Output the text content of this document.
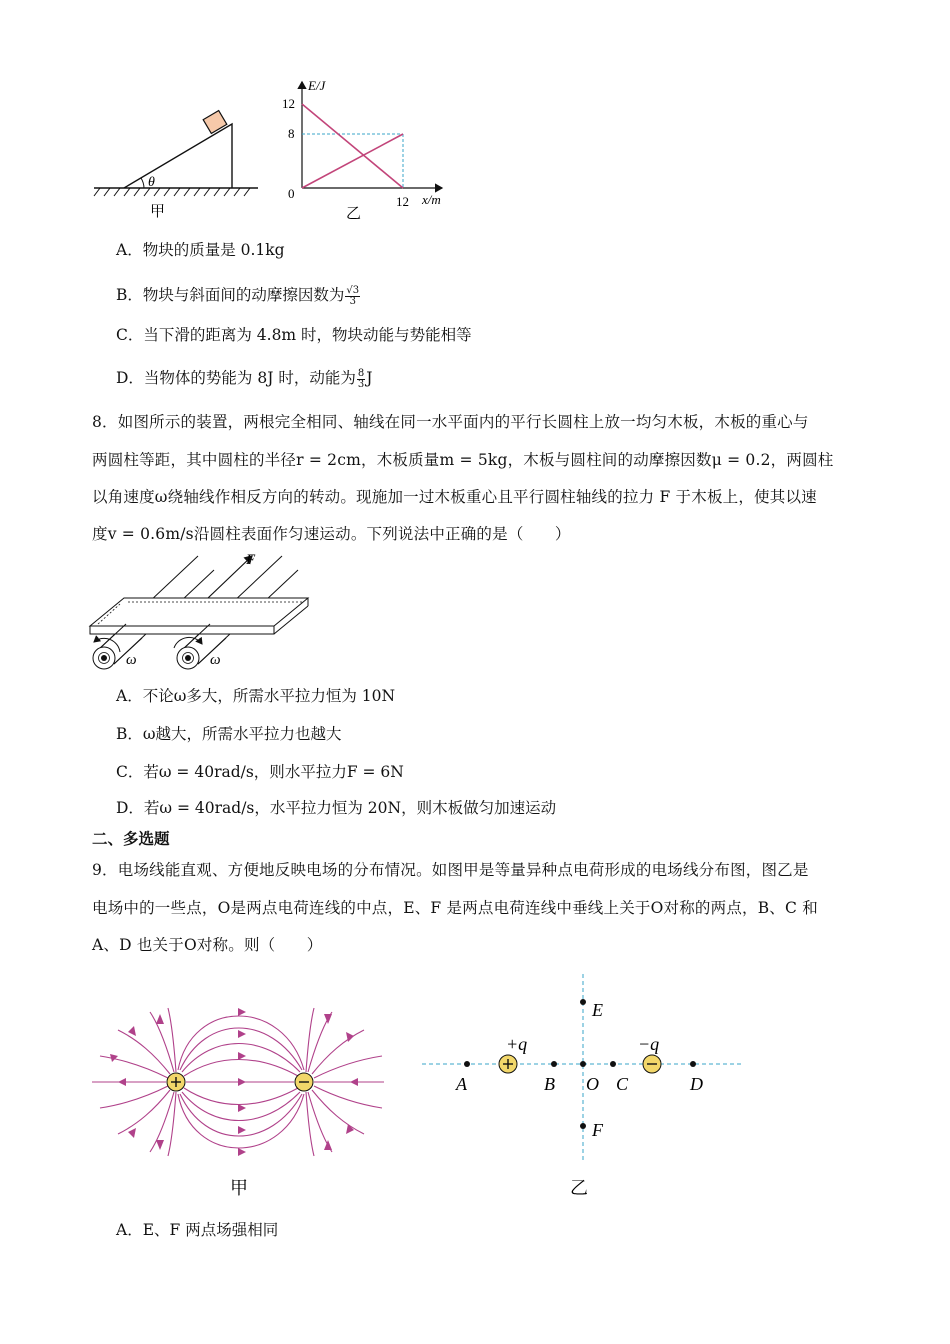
θ
甲
E/J
x/m
12
8
0
12
乙
A．物块的质量是 0.1kg
B．物块与斜面间的动摩擦因数为 $\frac{√3}{3}$
C．当下滑的距离为 4.8m 时，物块动能与势能相等
D．当物体的势能为 8J 时，动能为 $\frac{8}{3}$ J
8．如图所示的装置，两根完全相同、轴线在同一水平面内的平行长圆柱上放一均匀木板，木板的重心与
两圆柱等距，其中圆柱的半径r = 2cm，木板质量m = 5kg，木板与圆柱间的动摩擦因数μ = 0.2，两圆柱
以角速度ω绕轴线作相反方向的转动。现施加一过木板重心且平行圆柱轴线的拉力 F 于木板上，使其以速
度v = 0.6m/s沿圆柱表面作匀速运动。下列说法中正确的是（　　）
F
ω	ω
A．不论ω多大，所需水平拉力恒为 10N
B．ω越大，所需水平拉力也越大
C．若ω = 40rad/s，则水平拉力F = 6N
D．若ω = 40rad/s，水平拉力恒为 20N，则木板做匀加速运动
二、多选题
9．电场线能直观、方便地反映电场的分布情况。如图甲是等量异种点电荷形成的电场线分布图，图乙是
电场中的一些点，O是两点电荷连线的中点，E、F 是两点电荷连线中垂线上关于O对称的两点，B、C 和
A、D 也关于O对称。则（　　）
甲
+q	−q
A	B O C	D
E
F
乙
A．E、F 两点场强相同
